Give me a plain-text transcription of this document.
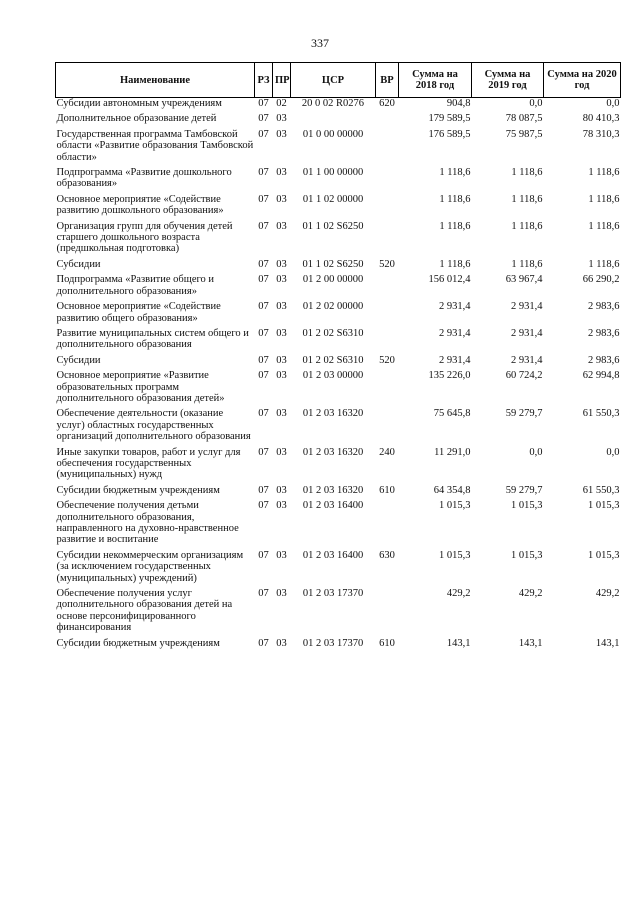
337
Наименование	РЗ	ПР	ЦСР	ВР	Сумма на 2018 год	Сумма на 2019 год	Сумма на 2020 год
Субсидии автономным учреждениям	07	02	20 0 02 R0276	620	904,8	0,0	0,0

Дополнительное образование детей	07	03			179 589,5	78 087,5	80 410,3

Государственная программа Тамбовской области «Развитие образования Тамбовской области»	07	03	01 0 00 00000		176 589,5	75 987,5	78 310,3

Подпрограмма «Развитие дошкольного образования»	07	03	01 1 00 00000		1 118,6	1 118,6	1 118,6

Основное мероприятие «Содействие развитию дошкольного образования»	07	03	01 1 02 00000		1 118,6	1 118,6	1 118,6

Организация групп для обучения детей старшего дошкольного возраста (предшкольная подготовка)	07	03	01 1 02 S6250		1 118,6	1 118,6	1 118,6

Субсидии	07	03	01 1 02 S6250	520	1 118,6	1 118,6	1 118,6

Подпрограмма «Развитие общего и дополнительного образования»	07	03	01 2 00 00000		156 012,4	63 967,4	66 290,2

Основное мероприятие «Содействие развитию общего образования»	07	03	01 2 02 00000		2 931,4	2 931,4	2 983,6

Развитие муниципальных систем общего и дополнительного образования	07	03	01 2 02 S6310		2 931,4	2 931,4	2 983,6

Субсидии	07	03	01 2 02 S6310	520	2 931,4	2 931,4	2 983,6

Основное мероприятие «Развитие образовательных программ дополнительного образования детей»	07	03	01 2 03 00000		135 226,0	60 724,2	62 994,8

Обеспечение деятельности (оказание услуг) областных государственных организаций дополнительного образования	07	03	01 2 03 16320		75 645,8	59 279,7	61 550,3

Иные закупки товаров, работ и услуг для обеспечения государственных (муниципальных) нужд	07	03	01 2 03 16320	240	11 291,0	0,0	0,0

Субсидии бюджетным учреждениям	07	03	01 2 03 16320	610	64 354,8	59 279,7	61 550,3

Обеспечение получения детьми дополнительного образования, направленного на духовно-нравственное развитие и воспитание	07	03	01 2 03 16400		1 015,3	1 015,3	1 015,3

Субсидии некоммерческим организациям (за исключением государственных (муниципальных) учреждений)	07	03	01 2 03 16400	630	1 015,3	1 015,3	1 015,3

Обеспечение получения услуг дополнительного образования детей на основе персонифицированного финансирования	07	03	01 2 03 17370		429,2	429,2	429,2

Субсидии бюджетным учреждениям	07	03	01 2 03 17370	610	143,1	143,1	143,1
